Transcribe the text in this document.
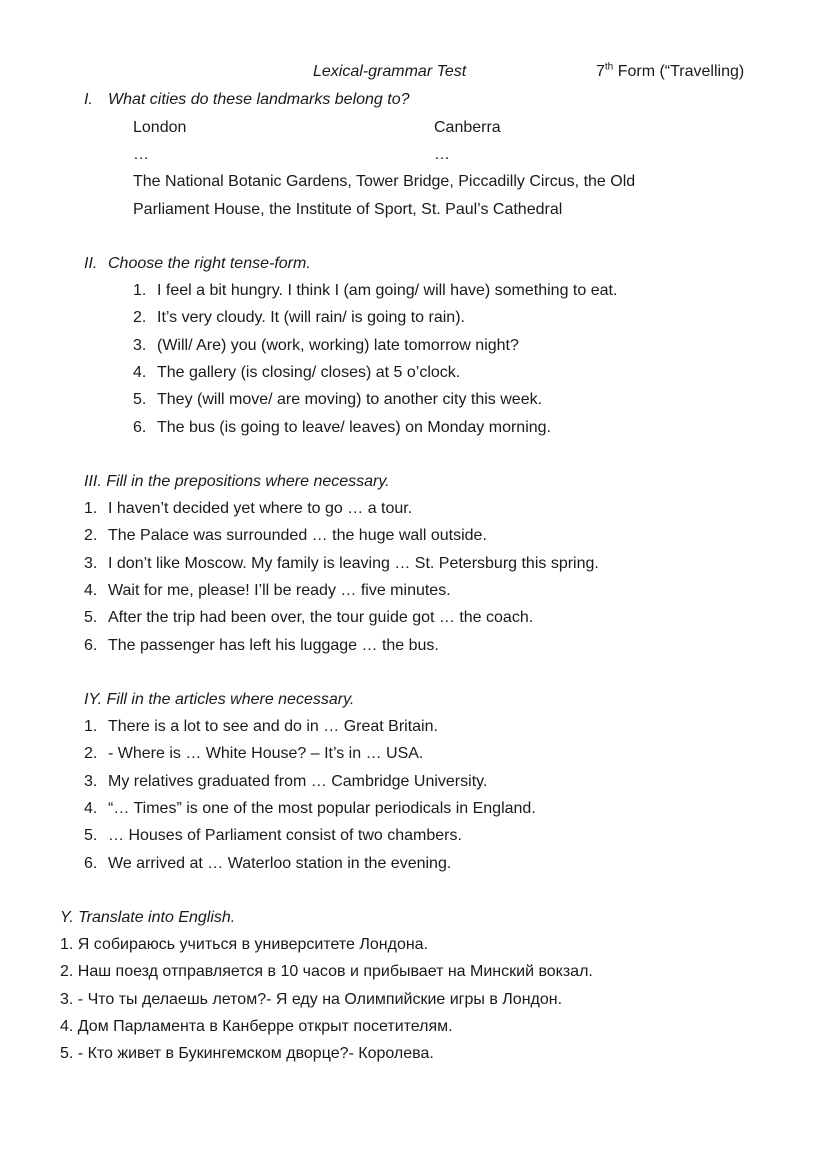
Lexical-grammar Test	7th Form (“Travelling)
I. What cities do these landmarks belong to?
London	Canberra
…	…
The National Botanic Gardens, Tower Bridge, Piccadilly Circus, the Old
Parliament House, the Institute of Sport, St. Paul’s Cathedral
II. Choose the right tense-form.
1. I feel a bit hungry. I think I (am going/ will have) something to eat.
2. It’s very cloudy. It (will rain/ is going to rain).
3. (Will/ Are) you (work, working) late tomorrow night?
4. The gallery (is closing/ closes) at 5 o’clock.
5. They (will move/ are moving) to another city this week.
6. The bus (is going to leave/ leaves) on Monday morning.
III. Fill in the prepositions where necessary.
1. I haven’t decided yet where to go … a tour.
2. The Palace was surrounded … the huge wall outside.
3. I don’t like Moscow. My family is leaving … St. Petersburg this spring.
4. Wait for me, please! I’ll be ready … five minutes.
5. After the trip had been over, the tour guide got … the coach.
6. The passenger has left his luggage … the bus.
IY. Fill in the articles where necessary.
1. There is a lot to see and do in … Great Britain.
2. - Where is … White House? – It’s in … USA.
3. My relatives graduated from … Cambridge University.
4. “… Times” is one of the most popular periodicals in England.
5. … Houses of Parliament consist of two chambers.
6. We arrived at … Waterloo station in the evening.
Y. Translate into English.
1. Я собираюсь учиться в университете Лондона.
2. Наш поезд отправляется в 10 часов и прибывает на Минский вокзал.
3. - Что ты делаешь летом?- Я еду на Олимпийские игры в Лондон.
4. Дом Парламента в Канберре открыт посетителям.
5. - Кто живет в Букингемском дворце?- Королева.
